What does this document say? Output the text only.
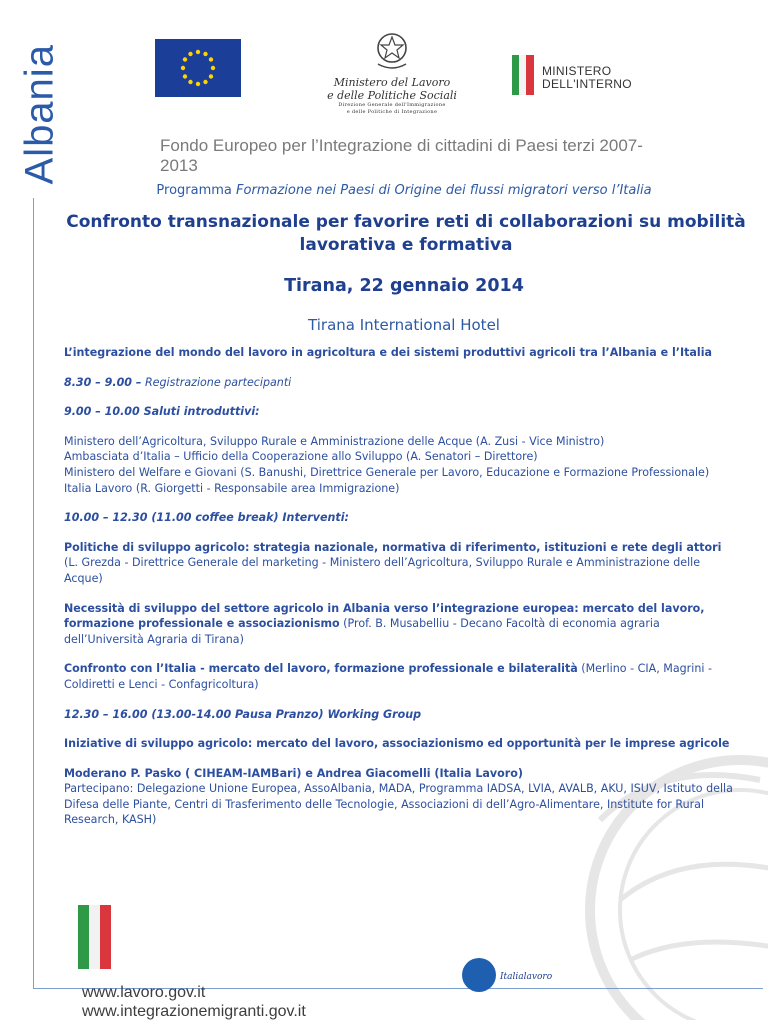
Albania	Ministero del Lavoro
e delle Politiche Sociali
Direzione Generale dell'Immigrazione
e delle Politiche di Integrazione
MINISTERO
DELL'INTERNO
Fondo Europeo per l’Integrazione di cittadini di Paesi terzi 2007-2013
Programma Formazione nei Paesi di Origine dei flussi migratori verso l’Italia
Confronto transnazionale per favorire reti di collaborazioni su mobilità lavorativa e formativa
Tirana, 22 gennaio 2014
Tirana International Hotel

L’integrazione del mondo del lavoro in agricoltura e dei sistemi produttivi agricoli tra l’Albania e l’Italia

8.30 – 9.00 – Registrazione partecipanti

9.00 – 10.00 Saluti introduttivi:

Ministero dell’Agricoltura, Sviluppo Rurale e Amministrazione delle Acque (A. Zusi - Vice Ministro)

Ambasciata d’Italia – Ufficio della Cooperazione allo Sviluppo (A. Senatori – Direttore)

Ministero del Welfare e Giovani (S. Banushi, Direttrice Generale per Lavoro, Educazione e Formazione Professionale)

Italia Lavoro (R. Giorgetti - Responsabile area Immigrazione)

10.00 – 12.30 (11.00 coffee break) Interventi:

Politiche di sviluppo agricolo: strategia nazionale, normativa di riferimento, istituzioni e rete degli attori (L. Grezda - Direttrice Generale del marketing - Ministero dell’Agricoltura, Sviluppo Rurale e Amministrazione delle Acque)

Necessità di sviluppo del settore agricolo in Albania verso l’integrazione europea: mercato del lavoro, formazione professionale e associazionismo (Prof. B. Musabelliu - Decano Facoltà di economia agraria dell’Università Agraria di Tirana)

Confronto con l’Italia - mercato del lavoro, formazione professionale e bilateralità (Merlino - CIA, Magrini - Coldiretti e Lenci - Confagricoltura)

12.30 – 16.00 (13.00-14.00 Pausa Pranzo) Working Group

Iniziative di sviluppo agricolo: mercato del lavoro, associazionismo ed opportunità per le imprese agricole

Moderano P. Pasko ( CIHEAM-IAMBari) e Andrea Giacomelli (Italia Lavoro)

Partecipano: Delegazione Unione Europea, AssoAlbania, MADA, Programma IADSA, LVIA, AVALB, AKU, ISUV, Istituto della Difesa delle Piante, Centri di Trasferimento delle Tecnologie, Associazioni di dell’Agro-Alimentare, Institute for Rural Research, KASH)

www.lavoro.gov.it
www.integrazionemigranti.gov.it
Italialavoro
